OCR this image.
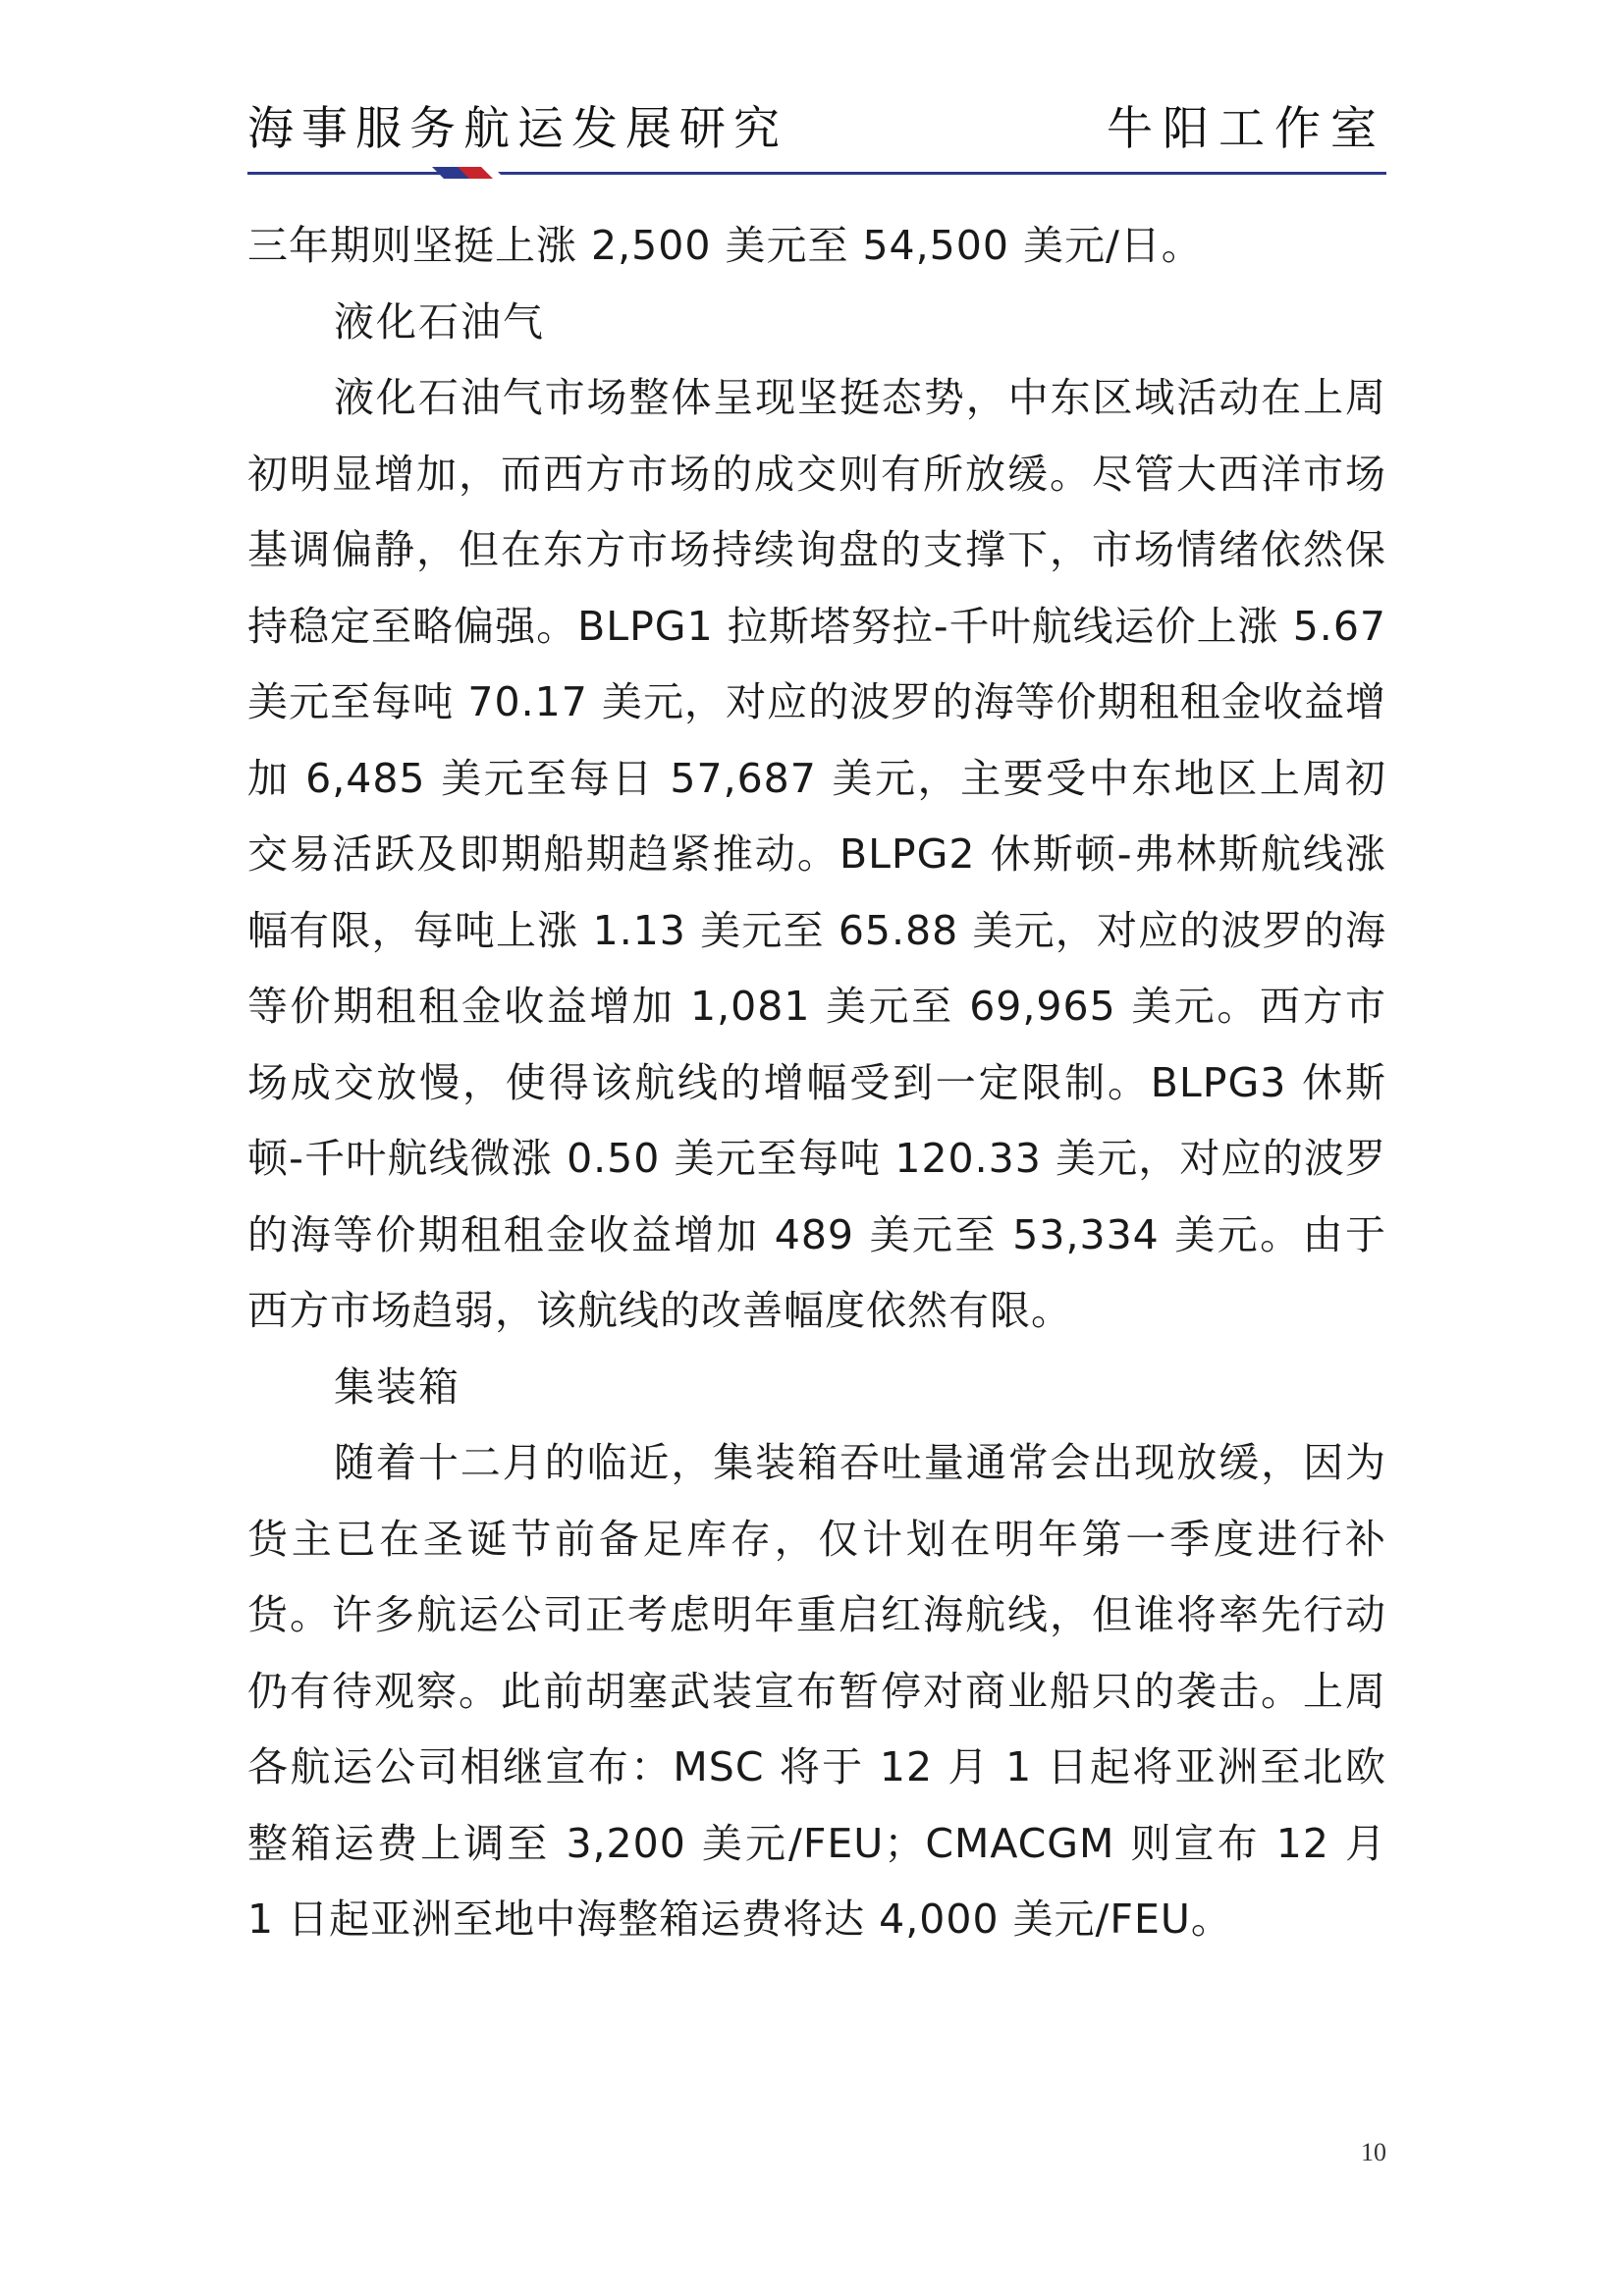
海事服务航运发展研究	牛阳工作室

三年期则坚挺上涨 2,500 美元至 54,500 美元/日。

液化石油气

液化石油气市场整体呈现坚挺态势，中东区域活动在上周初明显增加，而西方市场的成交则有所放缓。尽管大西洋市场基调偏静，但在东方市场持续询盘的支撑下，市场情绪依然保持稳定至略偏强。BLPG1 拉斯塔努拉-千叶航线运价上涨 5.67 美元至每吨 70.17 美元，对应的波罗的海等价期租租金收益增加 6,485 美元至每日 57,687 美元，主要受中东地区上周初交易活跃及即期船期趋紧推动。BLPG2 休斯顿-弗林斯航线涨幅有限，每吨上涨 1.13 美元至 65.88 美元，对应的波罗的海等价期租租金收益增加 1,081 美元至 69,965 美元。西方市场成交放慢，使得该航线的增幅受到一定限制。BLPG3 休斯顿-千叶航线微涨 0.50 美元至每吨 120.33 美元，对应的波罗的海等价期租租金收益增加 489 美元至 53,334 美元。由于西方市场趋弱，该航线的改善幅度依然有限。

集装箱

随着十二月的临近，集装箱吞吐量通常会出现放缓，因为货主已在圣诞节前备足库存，仅计划在明年第一季度进行补货。许多航运公司正考虑明年重启红海航线，但谁将率先行动仍有待观察。此前胡塞武装宣布暂停对商业船只的袭击。上周各航运公司相继宣布：MSC 将于 12 月 1 日起将亚洲至北欧整箱运费上调至 3,200 美元/FEU；CMACGM 则宣布 12 月 1 日起亚洲至地中海整箱运费将达 4,000 美元/FEU。

10
